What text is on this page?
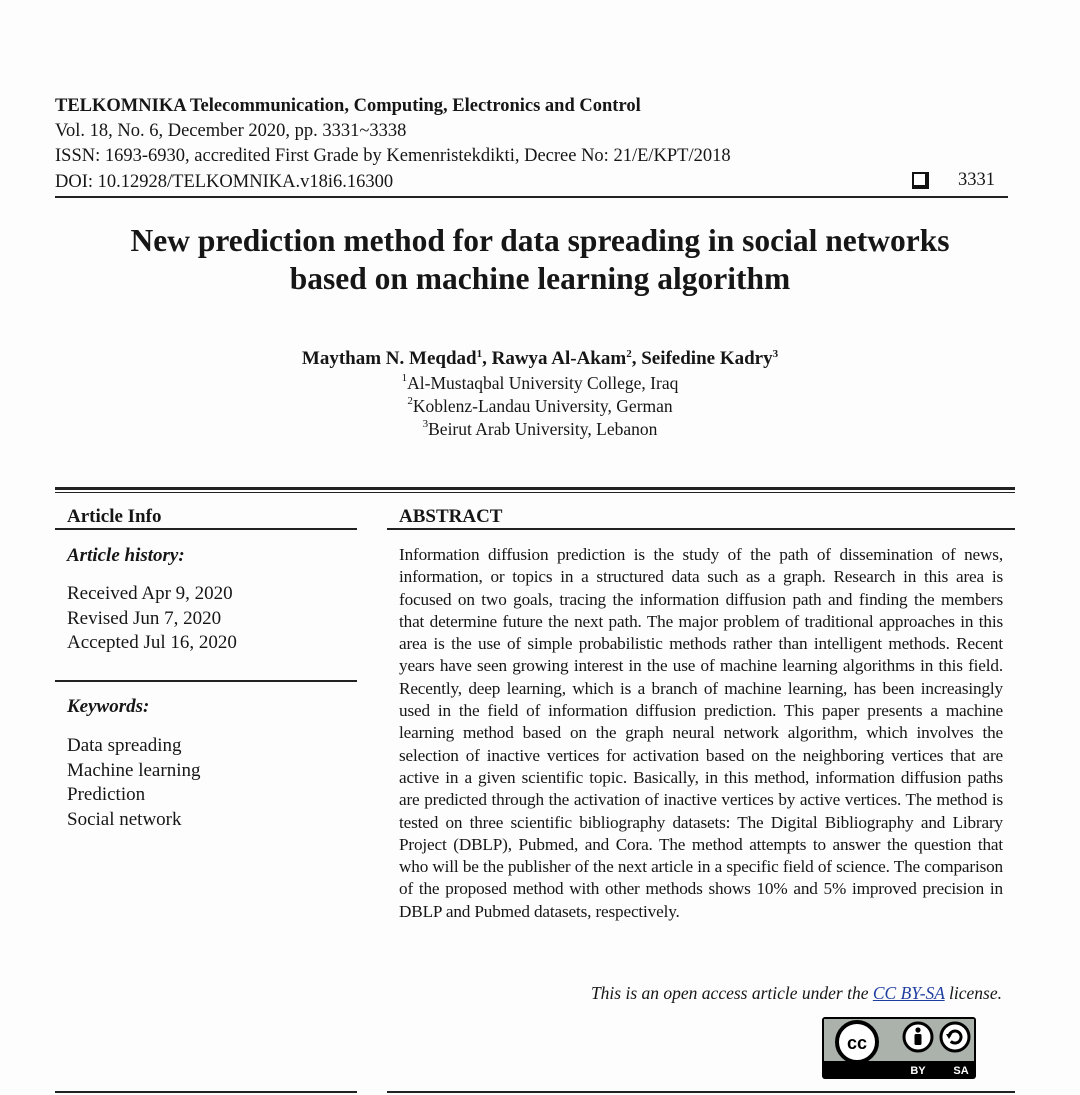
TELKOMNIKA Telecommunication, Computing, Electronics and Control
Vol. 18, No. 6, December 2020, pp. 3331~3338
ISSN: 1693-6930, accredited First Grade by Kemenristekdikti, Decree No: 21/E/KPT/2018
DOI: 10.12928/TELKOMNIKA.v18i6.16300	3331
New prediction method for data spreading in social networks
based on machine learning algorithm
Maytham N. Meqdad$^1$, Rawya Al-Akam$^2$, Seifedine Kadry$^3$
$^1$Al-Mustaqbal University College, Iraq
$^2$Koblenz-Landau University, German
$^3$Beirut Arab University, Lebanon
Article Info
Article history:
Received Apr 9, 2020
Revised Jun 7, 2020
Accepted Jul 16, 2020
Keywords:
Data spreading
Machine learning
Prediction
Social network
ABSTRACT
Information diffusion prediction is the study of the path of dissemination of news, information, or topics in a structured data such as a graph. Research in this area is focused on two goals, tracing the information diffusion path and finding the members that determine future the next path. The major problem of traditional approaches in this area is the use of simple probabilistic methods rather than intelligent methods. Recent years have seen growing interest in the use of machine learning algorithms in this field. Recently, deep learning, which is a branch of machine learning, has been increasingly used in the field of information diffusion prediction. This paper presents a machine learning method based on the graph neural network algorithm, which involves the selection of inactive vertices for activation based on the neighboring vertices that are active in a given scientific topic. Basically, in this method, information diffusion paths are predicted through the activation of inactive vertices by active vertices. The method is tested on three scientific bibliography datasets: The Digital Bibliography and Library Project (DBLP), Pubmed, and Cora. The method attempts to answer the question that who will be the publisher of the next article in a specific field of science. The comparison of the proposed method with other methods shows 10% and 5% improved precision in DBLP and Pubmed datasets, respectively.
This is an open access article under the CC BY-SA license.
cc
BY	SA
